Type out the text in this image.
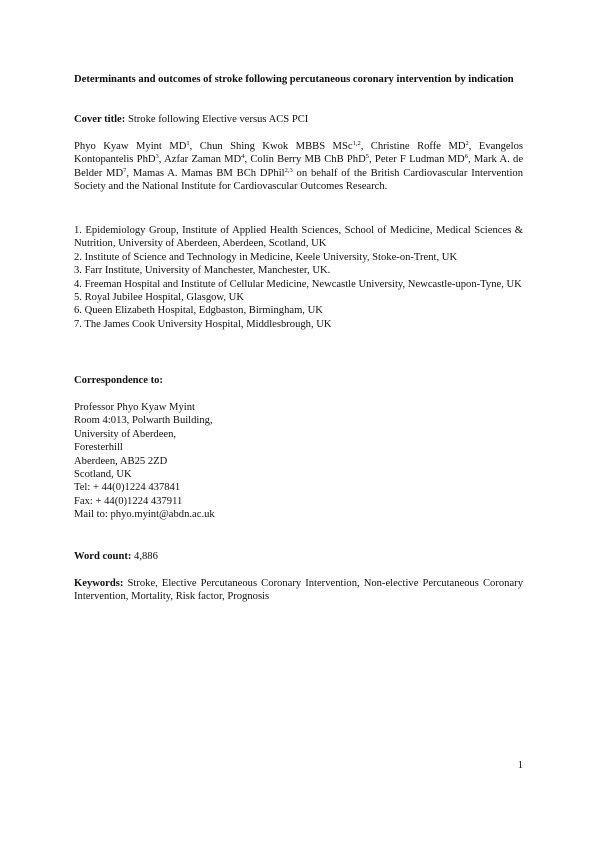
Determinants and outcomes of stroke following percutaneous coronary intervention by indication
Cover title: Stroke following Elective versus ACS PCI
Phyo Kyaw Myint $MD^1$, Chun Shing Kwok MBBS MSc$^{1,2}$, Christine Roffe $MD^2$, Evangelos Kontopantelis PhD$^3$, Azfar Zaman $MD^4$, Colin Berry MB ChB PhD$^5$, Peter F Ludman $MD^6$, Mark A. de Belder $MD^7$, Mamas A. Mamas BM BCh DPhil$^{2,3}$ on behalf of the British Cardiovascular Intervention Society and the National Institute for Cardiovascular Outcomes Research.
1. Epidemiology Group, Institute of Applied Health Sciences, School of Medicine, Medical Sciences & Nutrition, University of Aberdeen, Aberdeen, Scotland, UK
2. Institute of Science and Technology in Medicine, Keele University, Stoke-on-Trent, UK
3. Farr Institute, University of Manchester, Manchester, UK.
4. Freeman Hospital and Institute of Cellular Medicine, Newcastle University, Newcastle-upon-Tyne, UK
5. Royal Jubilee Hospital, Glasgow, UK
6. Queen Elizabeth Hospital, Edgbaston, Birmingham, UK
7. The James Cook University Hospital, Middlesbrough, UK
Correspondence to:
Professor Phyo Kyaw Myint
Room 4:013, Polwarth Building,
University of Aberdeen,
Foresterhill
Aberdeen, AB25 2ZD
Scotland, UK
Tel: + 44(0)1224 437841
Fax: + 44(0)1224 437911
Mail to: phyo.myint@abdn.ac.uk
Word count: 4,886
Keywords: Stroke, Elective Percutaneous Coronary Intervention, Non-elective Percutaneous Coronary Intervention, Mortality, Risk factor, Prognosis
1
